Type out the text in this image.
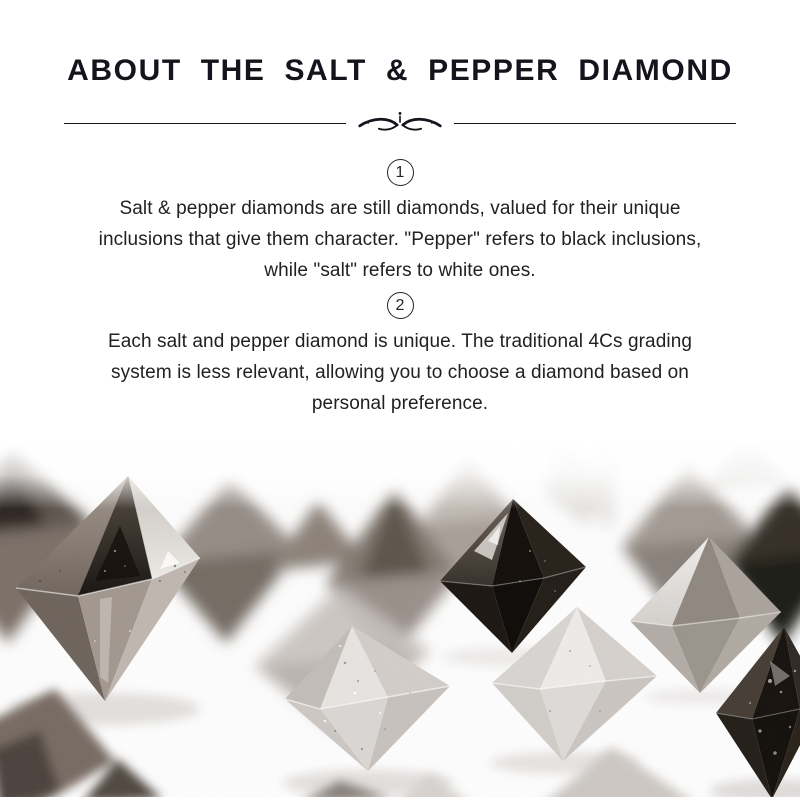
ABOUT THE SALT & PEPPER DIAMOND
1

Salt & pepper diamonds are still diamonds, valued for their unique inclusions that give them character. "Pepper" refers to black inclusions, while "salt" refers to white ones.

2

Each salt and pepper diamond is unique. The traditional 4Cs grading system is less relevant, allowing you to choose a diamond based on personal preference.
